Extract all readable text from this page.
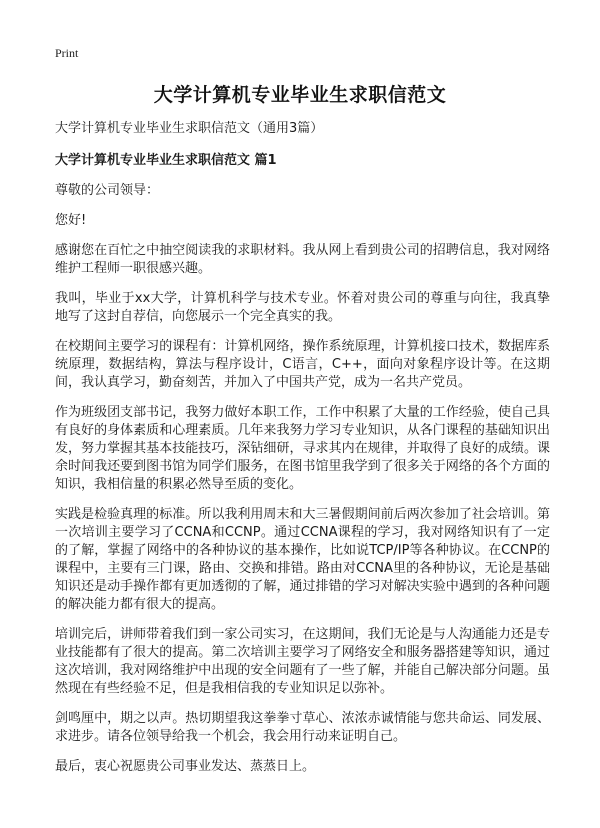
Print
大学计算机专业毕业生求职信范文

大学计算机专业毕业生求职信范文（通用3篇）

大学计算机专业毕业生求职信范文 篇1

尊敬的公司领导：

您好!

感谢您在百忙之中抽空阅读我的求职材料。我从网上看到贵公司的招聘信息，我对网络维护工程师一职很感兴趣。

我叫，毕业于xx大学，计算机科学与技术专业。怀着对贵公司的尊重与向往，我真挚地写了这封自荐信，向您展示一个完全真实的我。

在校期间主要学习的课程有：计算机网络，操作系统原理，计算机接口技术，数据库系统原理，数据结构，算法与程序设计，C语言，C++，面向对象程序设计等。在这期间，我认真学习，勤奋刻苦，并加入了中国共产党，成为一名共产党员。

作为班级团支部书记，我努力做好本职工作，工作中积累了大量的工作经验，使自己具有良好的身体素质和心理素质。几年来我努力学习专业知识，从各门课程的基础知识出发，努力掌握其基本技能技巧，深钻细研，寻求其内在规律，并取得了良好的成绩。课余时间我还要到图书馆为同学们服务，在图书馆里我学到了很多关于网络的各个方面的知识，我相信量的积累必然导至质的变化。

实践是检验真理的标准。所以我利用周末和大三暑假期间前后两次参加了社会培训。第一次培训主要学习了CCNA和CCNP。通过CCNA课程的学习，我对网络知识有了一定的了解，掌握了网络中的各种协议的基本操作，比如说TCP/IP等各种协议。在CCNP的课程中，主要有三门课，路由、交换和排错。路由对CCNA里的各种协议，无论是基础知识还是动手操作都有更加透彻的了解，通过排错的学习对解决实验中遇到的各种问题的解决能力都有很大的提高。

培训完后，讲师带着我们到一家公司实习，在这期间，我们无论是与人沟通能力还是专业技能都有了很大的提高。第二次培训主要学习了网络安全和服务器搭建等知识，通过这次培训，我对网络维护中出现的安全问题有了一些了解，并能自己解决部分问题。虽然现在有些经验不足，但是我相信我的专业知识足以弥补。

剑鸣厘中，期之以声。热切期望我这拳拳寸草心、浓浓赤诚情能与您共命运、同发展、求进步。请各位领导给我一个机会，我会用行动来证明自己。

最后，衷心祝愿贵公司事业发达、蒸蒸日上。
